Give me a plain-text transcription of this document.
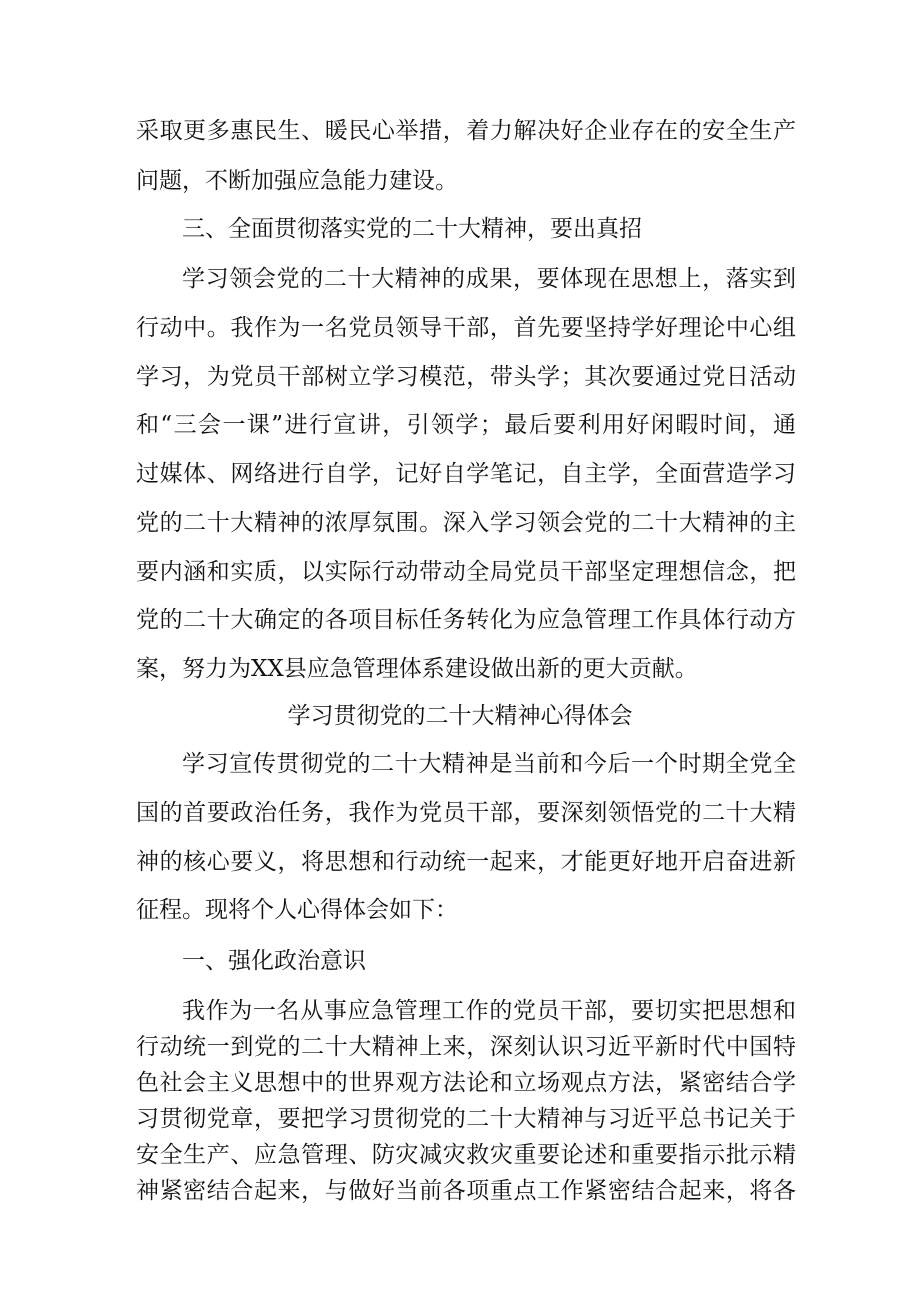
采取更多惠民生、暖民心举措，着力解决好企业存在的安全生产
问题，不断加强应急能力建设。
三、全面贯彻落实党的二十大精神，要出真招
学习领会党的二十大精神的成果，要体现在思想上，落实到
行动中。我作为一名党员领导干部，首先要坚持学好理论中心组
学习，为党员干部树立学习模范，带头学；其次要通过党日活动
和“三会一课”进行宣讲，引领学；最后要利用好闲暇时间，通
过媒体、网络进行自学，记好自学笔记，自主学，全面营造学习
党的二十大精神的浓厚氛围。深入学习领会党的二十大精神的主
要内涵和实质，以实际行动带动全局党员干部坚定理想信念，把
党的二十大确定的各项目标任务转化为应急管理工作具体行动方
案，努力为XX县应急管理体系建设做出新的更大贡献。
学习贯彻党的二十大精神心得体会
学习宣传贯彻党的二十大精神是当前和今后一个时期全党全
国的首要政治任务，我作为党员干部，要深刻领悟党的二十大精
神的核心要义，将思想和行动统一起来，才能更好地开启奋进新
征程。现将个人心得体会如下：
一、强化政治意识
我作为一名从事应急管理工作的党员干部，要切实把思想和
行动统一到党的二十大精神上来，深刻认识习近平新时代中国特
色社会主义思想中的世界观方法论和立场观点方法，紧密结合学
习贯彻党章，要把学习贯彻党的二十大精神与习近平总书记关于
安全生产、应急管理、防灾减灾救灾重要论述和重要指示批示精
神紧密结合起来，与做好当前各项重点工作紧密结合起来，将各
